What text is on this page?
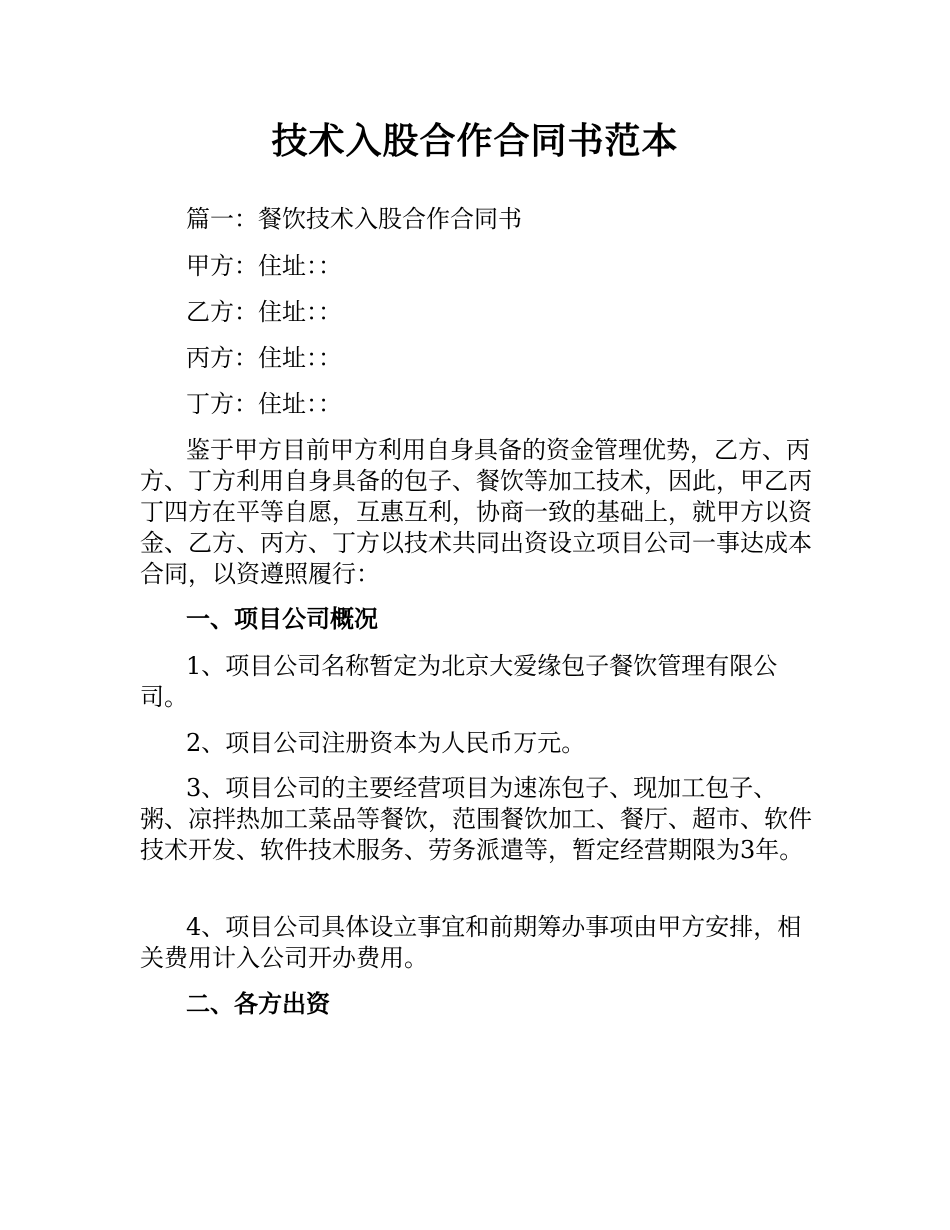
技术入股合作合同书范本

篇一：餐饮技术入股合作合同书

甲方：住址：：

乙方：住址：：

丙方：住址：：

丁方：住址：：

鉴于甲方目前甲方利用自身具备的资金管理优势，乙方、丙方、丁方利用自身具备的包子、餐饮等加工技术，因此，甲乙丙丁四方在平等自愿，互惠互利，协商一致的基础上，就甲方以资金、乙方、丙方、丁方以技术共同出资设立项目公司一事达成本合同，以资遵照履行：

一、项目公司概况

1、项目公司名称暂定为北京大爱缘包子餐饮管理有限公司。

2、项目公司注册资本为人民币万元。

3、项目公司的主要经营项目为速冻包子、现加工包子、粥、凉拌热加工菜品等餐饮，范围餐饮加工、餐厅、超市、软件技术开发、软件技术服务、劳务派遣等，暂定经营期限为3年。

4、项目公司具体设立事宜和前期筹办事项由甲方安排，相关费用计入公司开办费用。

二、各方出资
